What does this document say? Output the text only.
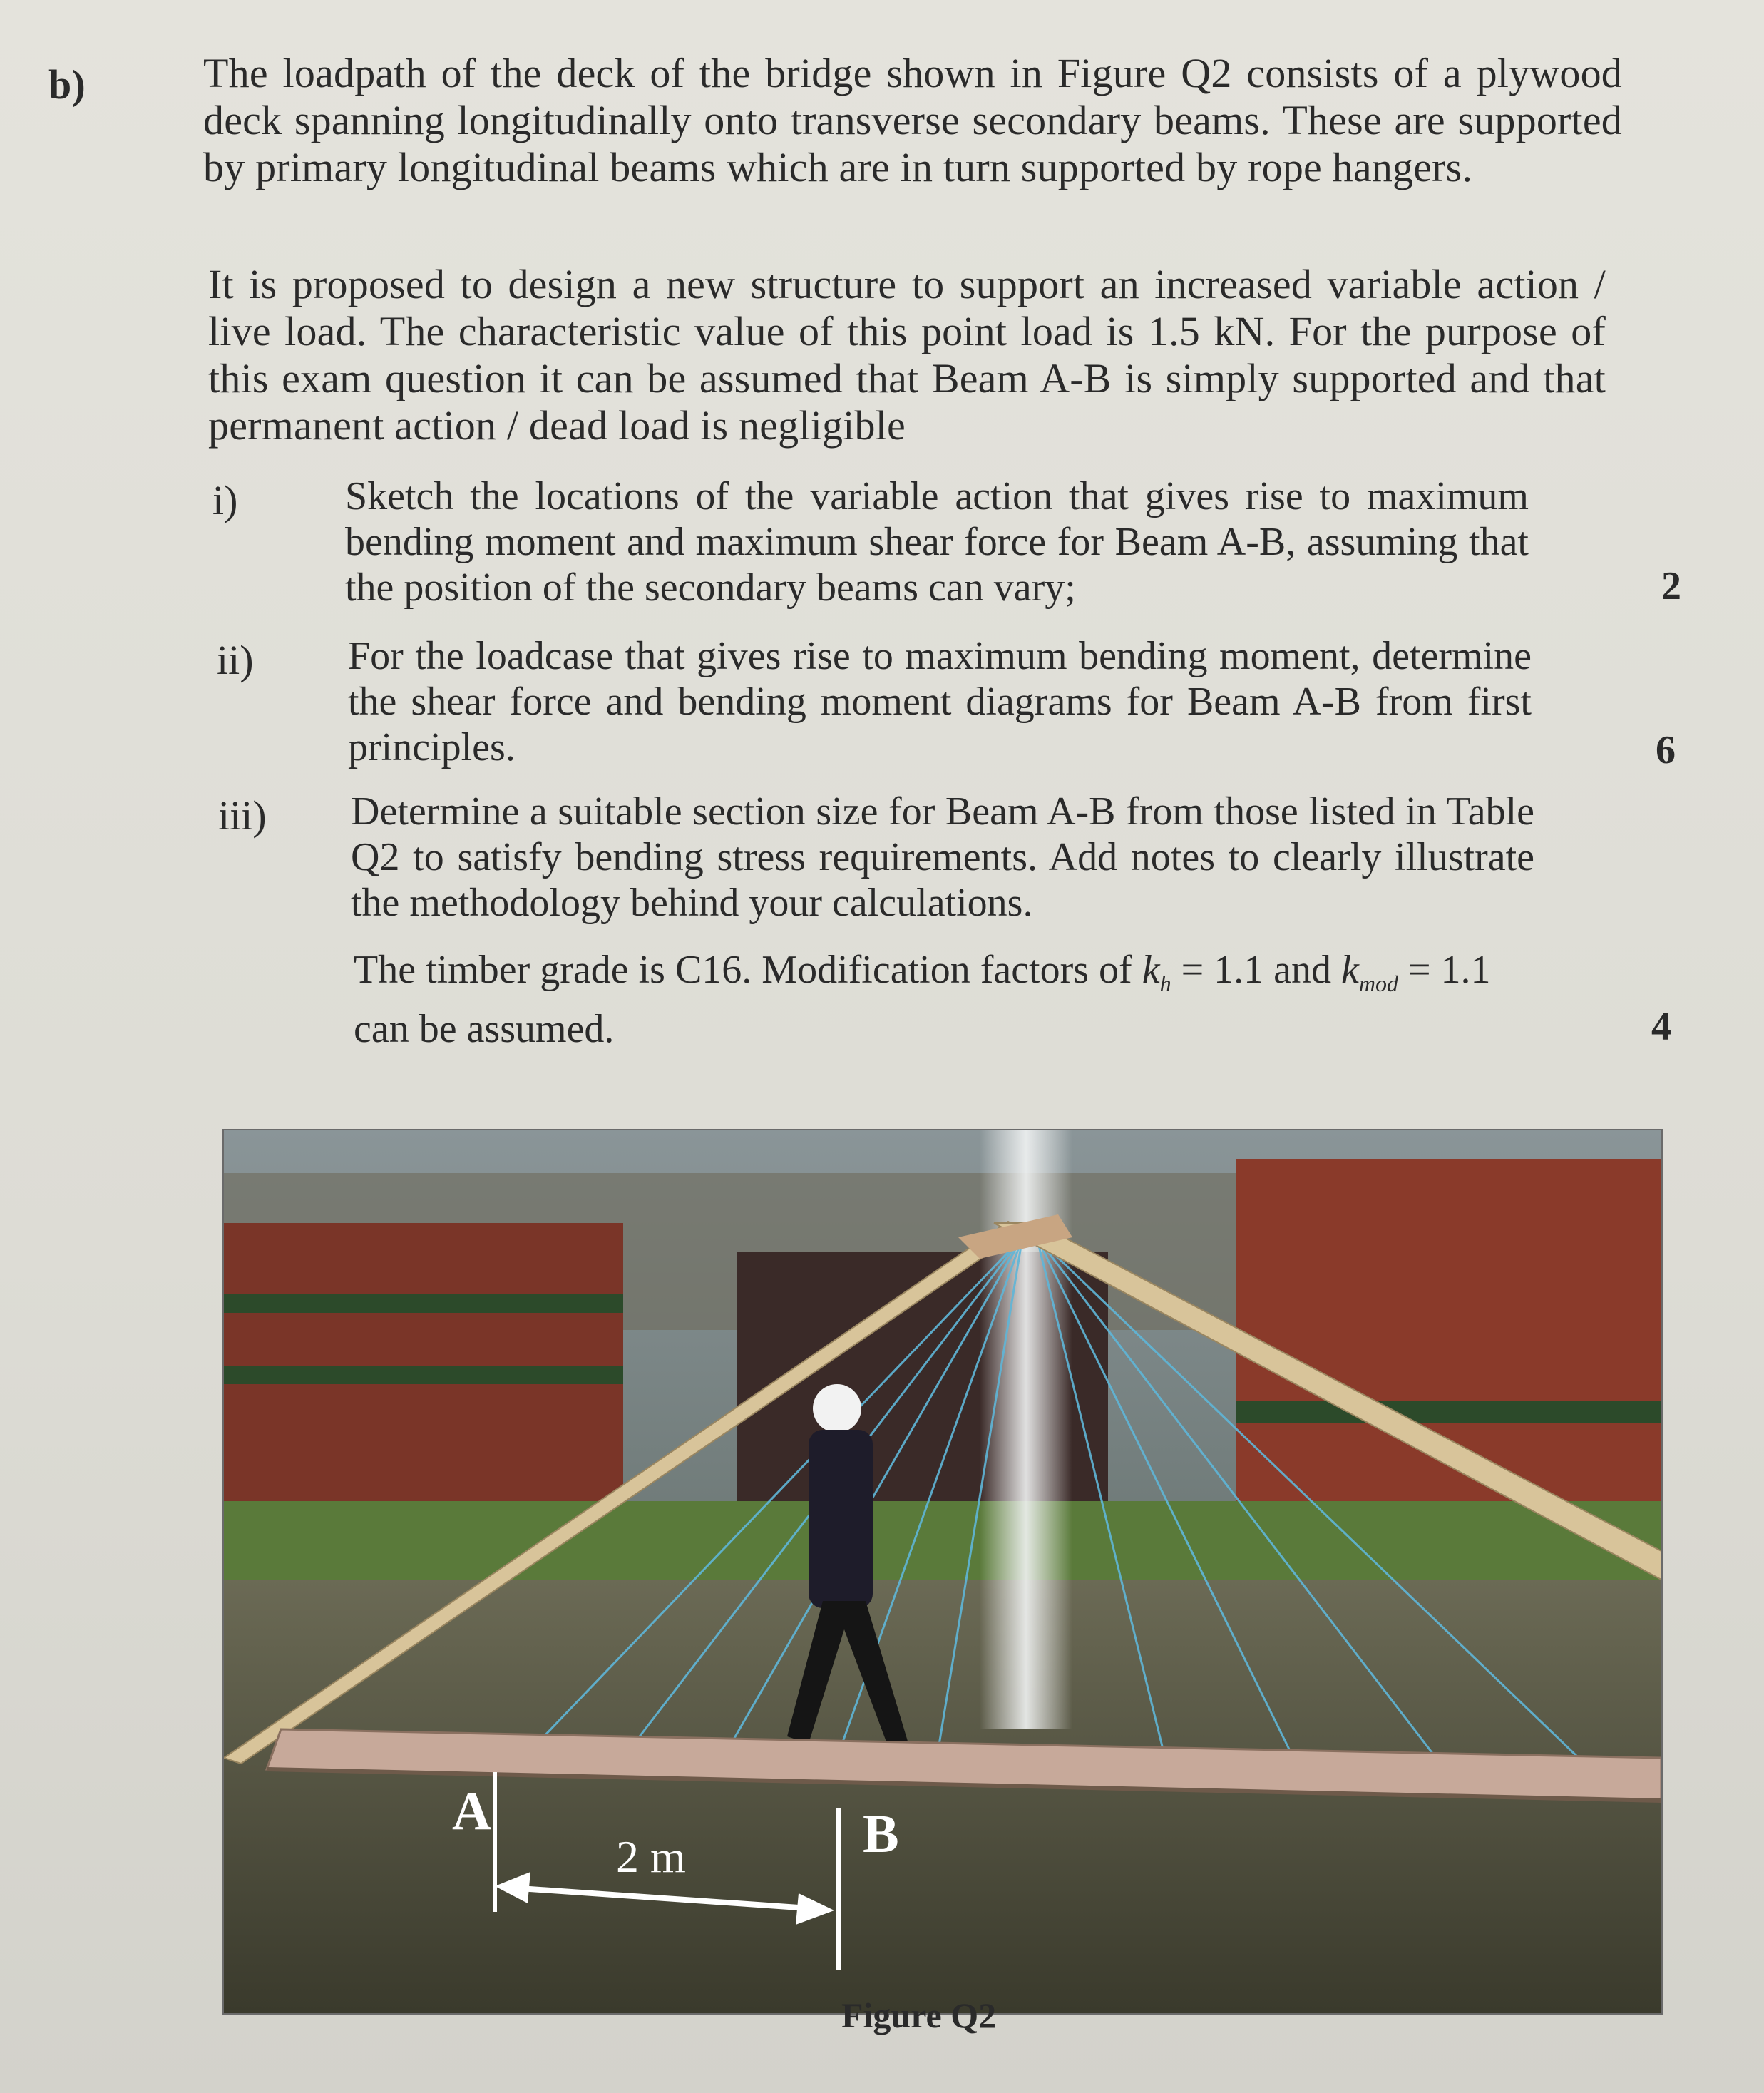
b)	The loadpath of the deck of the bridge shown in Figure Q2 consists of a plywood deck spanning longitudinally onto transverse secondary beams. These are supported by primary longitudinal beams which are in turn supported by rope hangers.
It is proposed to design a new structure to support an increased variable action / live load. The characteristic value of this point load is 1.5 kN. For the purpose of this exam question it can be assumed that Beam A-B is simply supported and that permanent action / dead load is negligible
i)	Sketch the locations of the variable action that gives rise to maximum bending moment and maximum shear force for Beam A-B, assuming that the position of the secondary beams can vary;	2
ii) For the loadcase that gives rise to maximum bending moment, determine the shear force and bending moment diagrams for Beam A-B from first principles.	6
iii) Determine a suitable section size for Beam A-B from those listed in Table Q2 to satisfy bending stress requirements. Add notes to clearly illustrate the methodology behind your calculations.
The timber grade is C16. Modification factors of $k_h = 1.1$ and $k_{mod} = 1.1$
can be assumed.	4
A	B
2 m
Figure Q2
